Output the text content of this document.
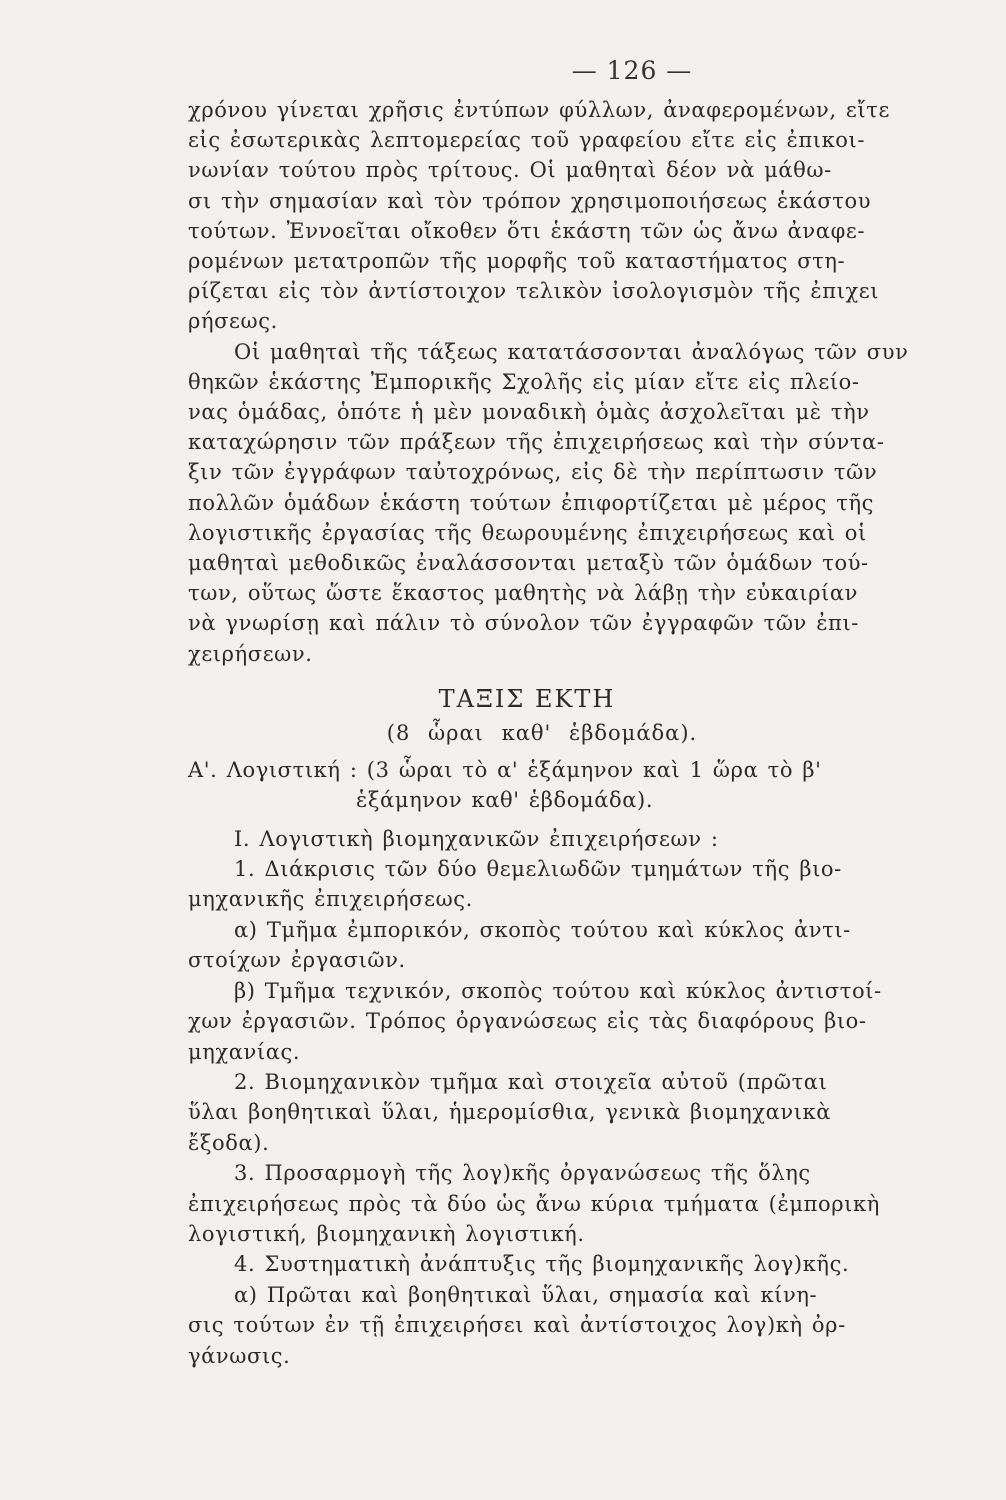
— 126 —
χρόνου γίνεται χρῆσις ἐντύπων φύλλων, ἀναφερομένων, εἴτε
εἰς ἐσωτερικὰς λεπτομερείας τοῦ γραφείου εἴτε εἰς ἐπικοι-
νωνίαν τούτου πρὸς τρίτους. Οἱ μαθηταὶ δέον νὰ μάθω-
σι τὴν σημασίαν καὶ τὸν τρόπον χρησιμοποιήσεως ἑκάστου
τούτων. Ἐννοεῖται οἴκοθεν ὅτι ἑκάστη τῶν ὡς ἄνω ἀναφε-
ρομένων μετατροπῶν τῆς μορφῆς τοῦ καταστήματος στη-
ρίζεται εἰς τὸν ἀντίστοιχον τελικὸν ἰσολογισμὸν τῆς ἐπιχει
ρήσεως.
Οἱ μαθηταὶ τῆς τάξεως κατατάσσονται ἀναλόγως τῶν συν
θηκῶν ἑκάστης Ἐμπορικῆς Σχολῆς εἰς μίαν εἴτε εἰς πλείο-
νας ὁμάδας, ὁπότε ἡ μὲν μοναδικὴ ὁμὰς ἀσχολεῖται μὲ τὴν
καταχώρησιν τῶν πράξεων τῆς ἐπιχειρήσεως καὶ τὴν σύντα-
ξιν τῶν ἐγγράφων ταὐτοχρόνως, εἰς δὲ τὴν περίπτωσιν τῶν
πολλῶν ὁμάδων ἑκάστη τούτων ἐπιφορτίζεται μὲ μέρος τῆς
λογιστικῆς ἐργασίας τῆς θεωρουμένης ἐπιχειρήσεως καὶ οἱ
μαθηταὶ μεθοδικῶς ἐναλάσσονται μεταξὺ τῶν ὁμάδων τού-
των, οὕτως ὥστε ἕκαστος μαθητὴς νὰ λάβῃ τὴν εὐκαιρίαν
νὰ γνωρίσῃ καὶ πάλιν τὸ σύνολον τῶν ἐγγραφῶν τῶν ἐπι-
χειρήσεων.
ΤΑΞΙΣ ΕΚΤΗ
(8 ὧραι καθ' ἑβδομάδα).
Α'. Λογιστική : (3 ὧραι τὸ α' ἑξάμηνον καὶ 1 ὥρα τὸ β'
ἑξάμηνον καθ' ἑβδομάδα).
Ι. Λογιστικὴ βιομηχανικῶν ἐπιχειρήσεων :
1. Διάκρισις τῶν δύο θεμελιωδῶν τμημάτων τῆς βιο-
μηχανικῆς ἐπιχειρήσεως.
α) Τμῆμα ἐμπορικόν, σκοπὸς τούτου καὶ κύκλος ἀντι-
στοίχων ἐργασιῶν.
β) Τμῆμα τεχνικόν, σκοπὸς τούτου καὶ κύκλος ἀντιστοί-
χων ἐργασιῶν. Τρόπος ὀργανώσεως εἰς τὰς διαφόρους βιο-
μηχανίας.
2. Βιομηχανικὸν τμῆμα καὶ στοιχεῖα αὐτοῦ (πρῶται
ὕλαι βοηθητικαὶ ὕλαι, ἡμερομίσθια, γενικὰ βιομηχανικὰ
ἔξοδα).
3. Προσαρμογὴ τῆς λογ)κῆς ὀργανώσεως τῆς ὅλης
ἐπιχειρήσεως πρὸς τὰ δύο ὡς ἄνω κύρια τμήματα (ἐμπορικὴ
λογιστική, βιομηχανικὴ λογιστική.
4. Συστηματικὴ ἀνάπτυξις τῆς βιομηχανικῆς λογ)κῆς.
α) Πρῶται καὶ βοηθητικαὶ ὕλαι, σημασία καὶ κίνη-
σις τούτων ἐν τῇ ἐπιχειρήσει καὶ ἀντίστοιχος λογ)κὴ ὀρ-
γάνωσις.
